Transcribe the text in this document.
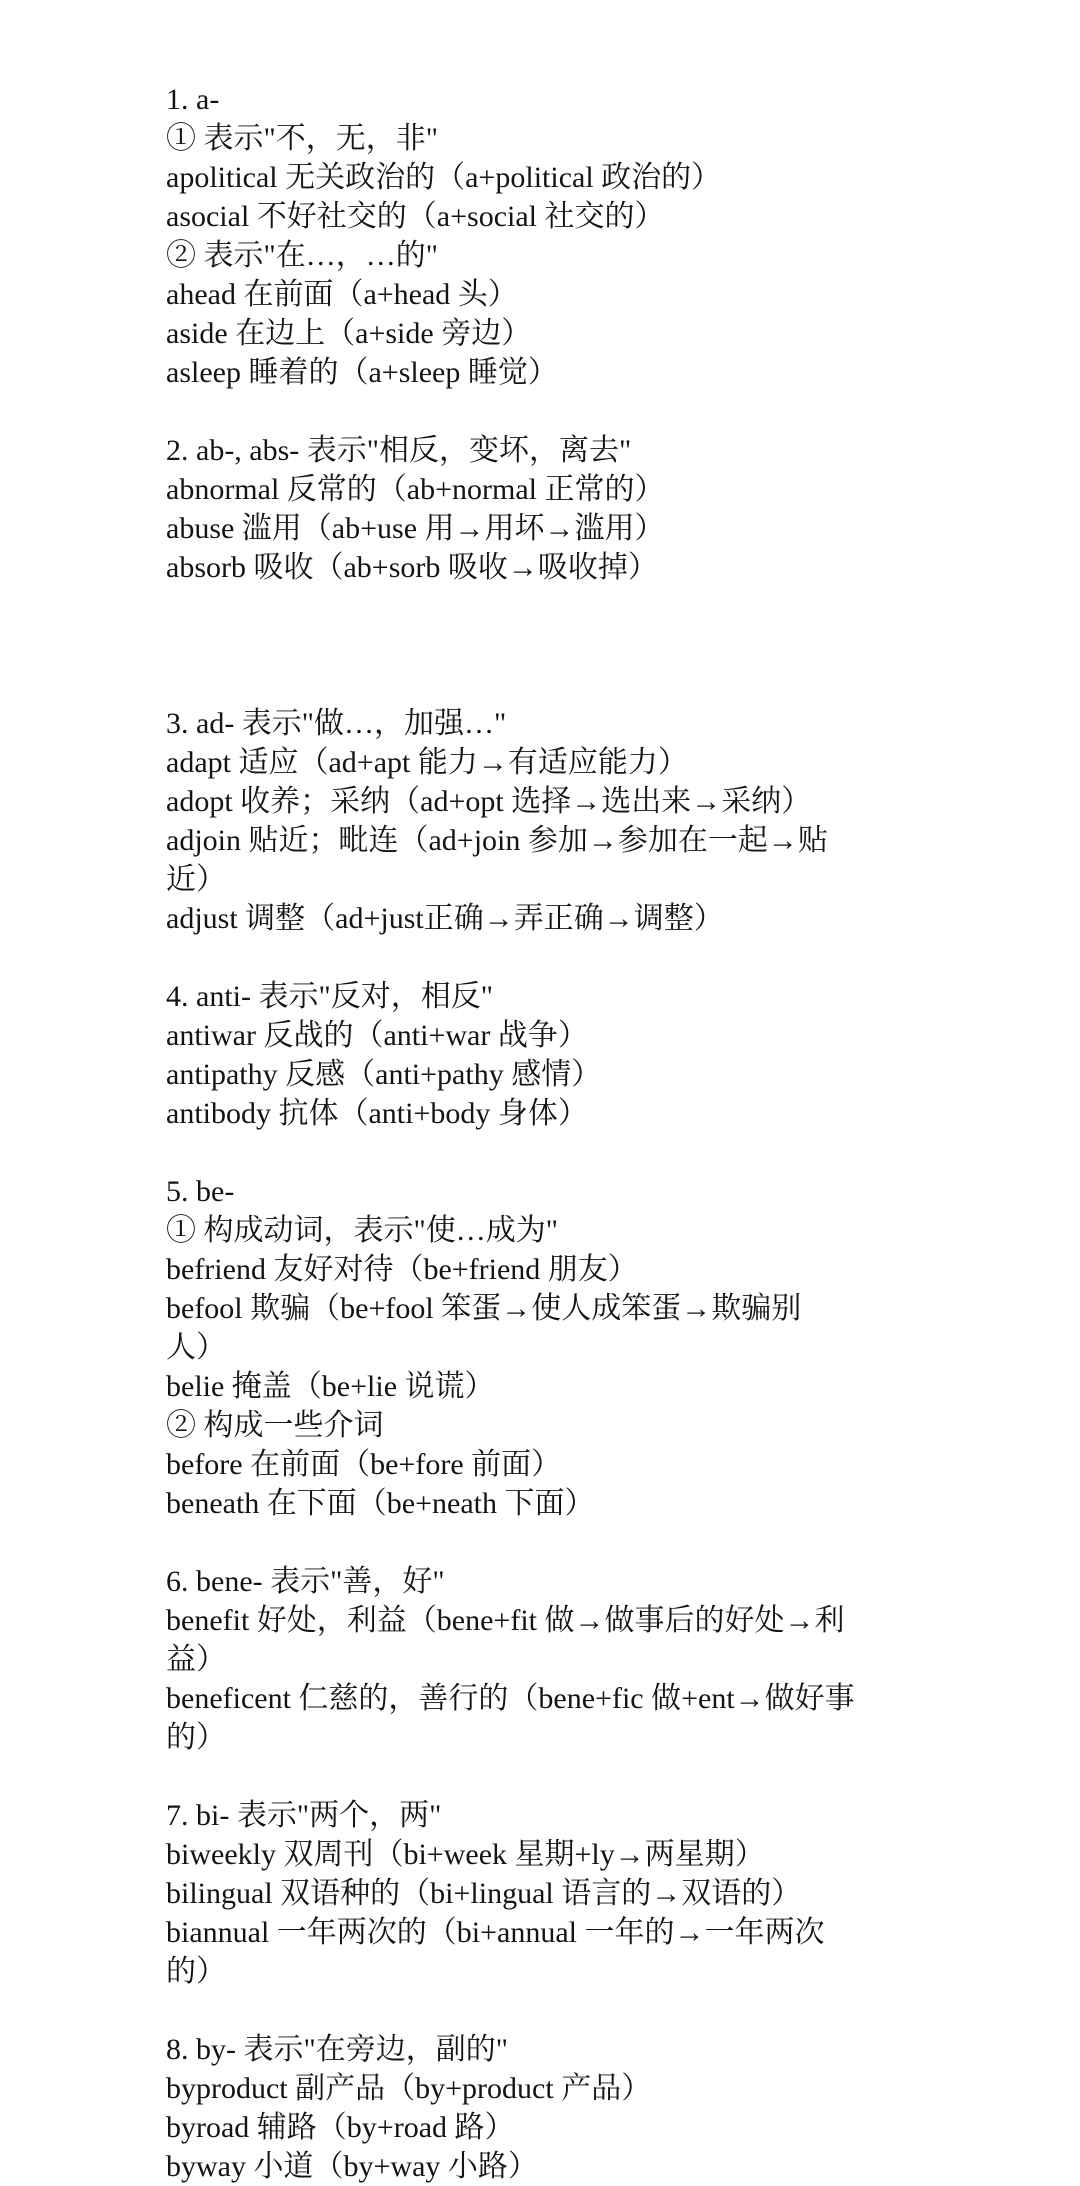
1. a-
① 表示"不，无，非"
apolitical 无关政治的（a+political 政治的）
asocial 不好社交的（a+social 社交的）
② 表示"在…，…的"
ahead 在前面（a+head 头）
aside 在边上（a+side 旁边）
asleep 睡着的（a+sleep 睡觉）
2. ab-, abs- 表示"相反，变坏，离去"
abnormal 反常的（ab+normal 正常的）
abuse 滥用（ab+use 用→用坏→滥用）
absorb 吸收（ab+sorb 吸收→吸收掉）
3. ad- 表示"做…，加强…"
adapt 适应（ad+apt 能力→有适应能力）
adopt 收养；采纳（ad+opt 选择→选出来→采纳）
adjoin 贴近；毗连（ad+join 参加→参加在一起→贴
近）
adjust 调整（ad+just正确→弄正确→调整）
4. anti- 表示"反对，相反"
antiwar 反战的（anti+war 战争）
antipathy 反感（anti+pathy 感情）
antibody 抗体（anti+body 身体）
5. be-
① 构成动词，表示"使…成为"
befriend 友好对待（be+friend 朋友）
befool 欺骗（be+fool 笨蛋→使人成笨蛋→欺骗别
人）
belie 掩盖（be+lie 说谎）
② 构成一些介词
before 在前面（be+fore 前面）
beneath 在下面（be+neath 下面）
6. bene- 表示"善，好"
benefit 好处，利益（bene+fit 做→做事后的好处→利
益）
beneficent 仁慈的，善行的（bene+fic 做+ent→做好事
的）
7. bi- 表示"两个，两"
biweekly 双周刊（bi+week 星期+ly→两星期）
bilingual 双语种的（bi+lingual 语言的→双语的）
biannual 一年两次的（bi+annual 一年的→一年两次
的）
8. by- 表示"在旁边，副的"
byproduct 副产品（by+product 产品）
byroad 辅路（by+road 路）
byway 小道（by+way 小路）
